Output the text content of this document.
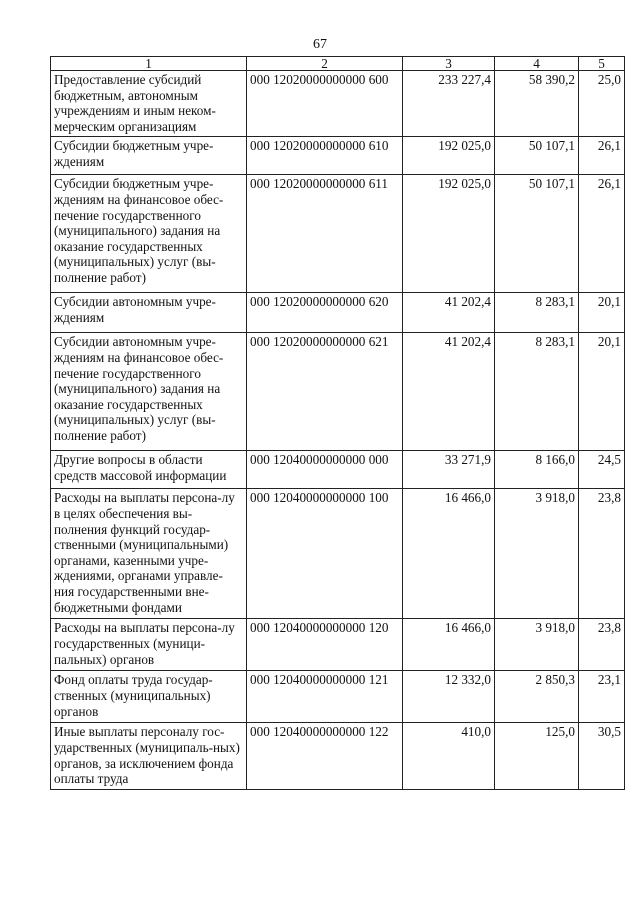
67
1	2	3	4	5
Предоставление субсидий бюджетным, автономным учреждениям и иным неком-мерческим организациям	000 12020000000000 600	233 227,4	58 390,2	25,0
Субсидии бюджетным учре-ждениям	000 12020000000000 610	192 025,0	50 107,1	26,1
Субсидии бюджетным учре-ждениям на финансовое обес-печение государственного (муниципального) задания на оказание государственных (муниципальных) услуг (вы-полнение работ)	000 12020000000000 611	192 025,0	50 107,1	26,1
Субсидии автономным учре-ждениям	000 12020000000000 620	41 202,4	8 283,1	20,1
Субсидии автономным учре-ждениям на финансовое обес-печение государственного (муниципального) задания на оказание государственных (муниципальных) услуг (вы-полнение работ)	000 12020000000000 621	41 202,4	8 283,1	20,1
Другие вопросы в области средств массовой информации	000 12040000000000 000	33 271,9	8 166,0	24,5
Расходы на выплаты персона-лу в целях обеспечения вы-полнения функций государ-ственными (муниципальными) органами, казенными учре-ждениями, органами управле-ния государственными вне-бюджетными фондами	000 12040000000000 100	16 466,0	3 918,0	23,8
Расходы на выплаты персона-лу государственных (муници-пальных) органов	000 12040000000000 120	16 466,0	3 918,0	23,8
Фонд оплаты труда государ-ственных (муниципальных) органов	000 12040000000000 121	12 332,0	2 850,3	23,1
Иные выплаты персоналу гос-ударственных (муниципаль-ных) органов, за исключением фонда оплаты труда	000 12040000000000 122	410,0	125,0	30,5
